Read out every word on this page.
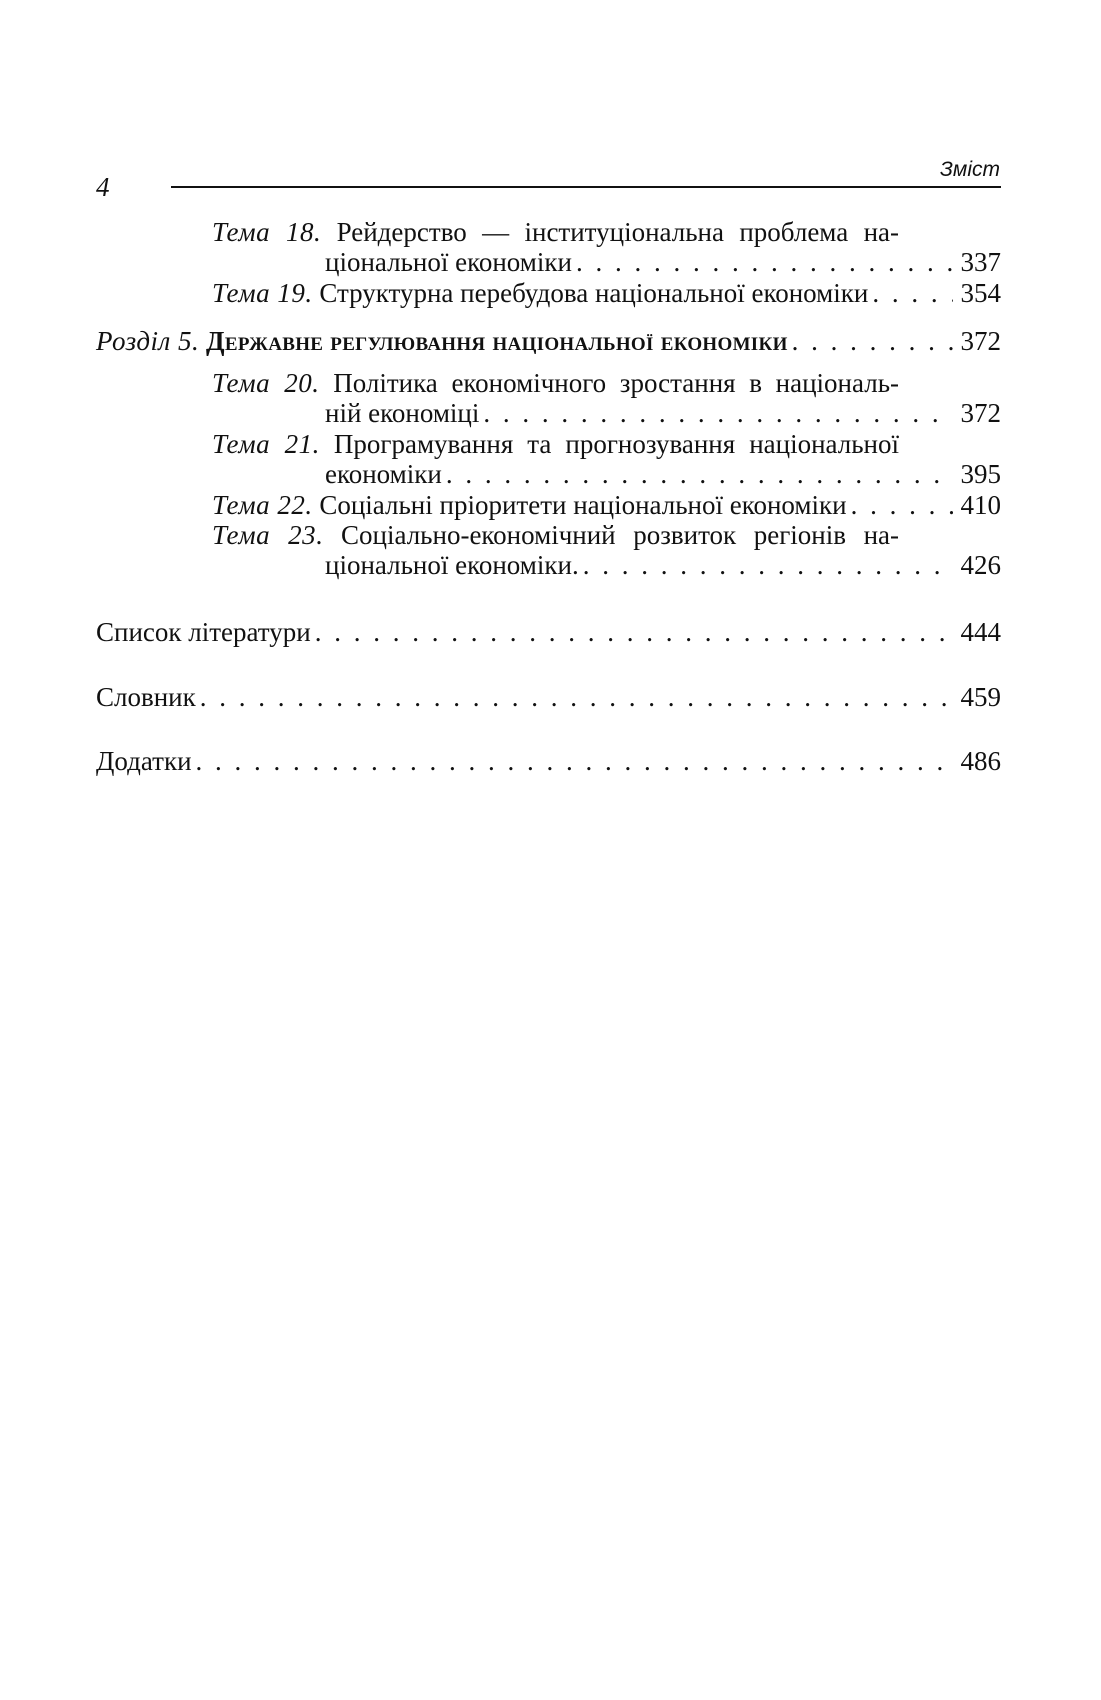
4
Зміст
Тема 18. Рейдерство — інституціональна проблема на-
ціональної економіки . . .	337
Тема 19.
Структурна перебудова національної економіки . . .	354
Розділ 5.
Державне регулювання національної економіки . . .	372
Тема 20. Політика економічного зростання в національ-
ній економіці . . .	372
Тема 21. Програмування та прогнозування національної
економіки . . .	395
Тема 22.
Соціальні пріоритети національної економіки . . .	410
Тема 23. Соціально-економічний розвиток регіонів на-
ціональної економіки. . . .	426
Список літератури . . .	444
Словник . . .	459
Додатки . . .	486
